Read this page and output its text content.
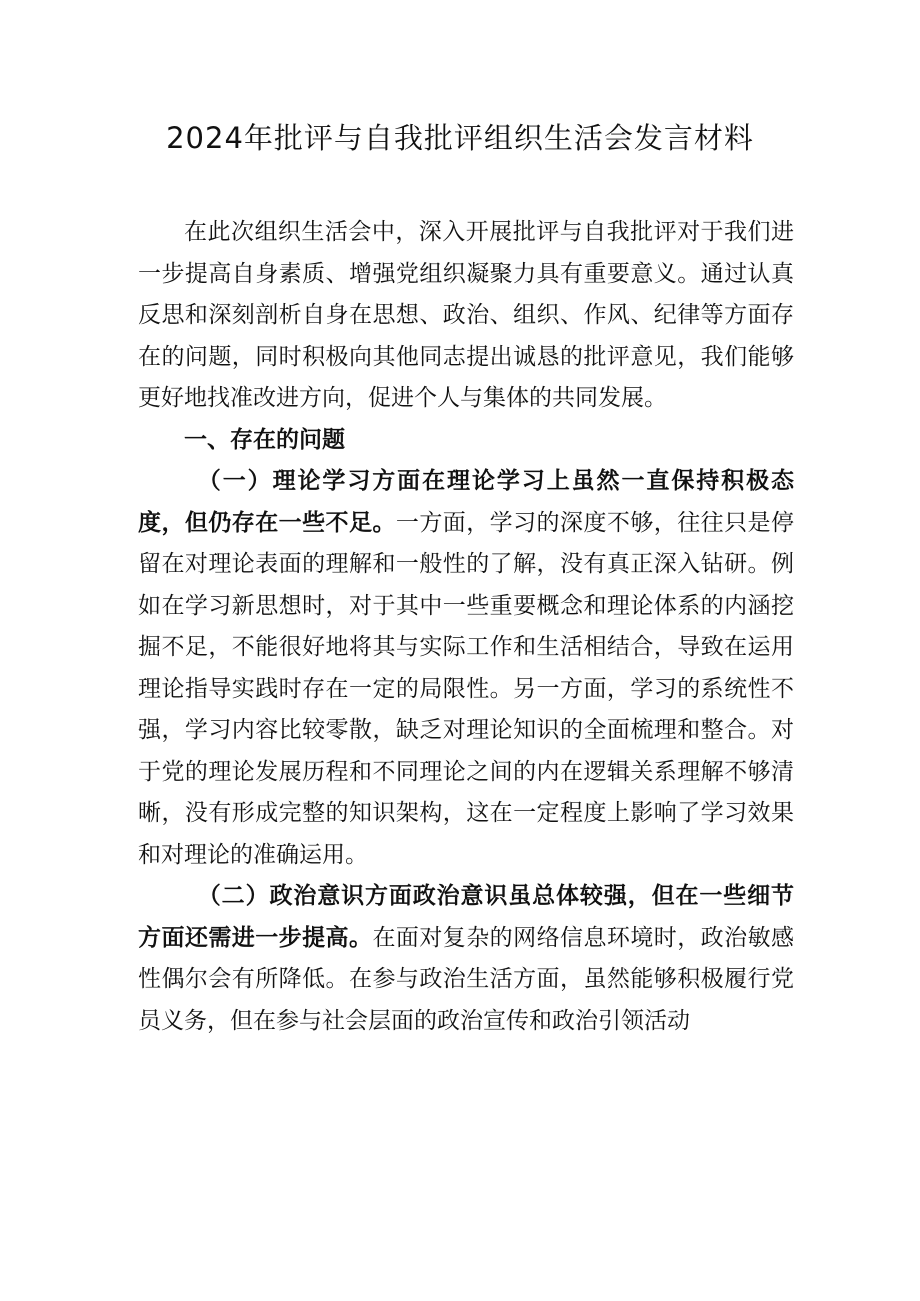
2024年批评与自我批评组织生活会发言材料

在此次组织生活会中，深入开展批评与自我批评对于我们进一步提高自身素质、增强党组织凝聚力具有重要意义。通过认真反思和深刻剖析自身在思想、政治、组织、作风、纪律等方面存在的问题，同时积极向其他同志提出诚恳的批评意见，我们能够更好地找准改进方向，促进个人与集体的共同发展。

一、存在的问题

（一）理论学习方面在理论学习上虽然一直保持积极态度，但仍存在一些不足。一方面，学习的深度不够，往往只是停留在对理论表面的理解和一般性的了解，没有真正深入钻研。例如在学习新思想时，对于其中一些重要概念和理论体系的内涵挖掘不足，不能很好地将其与实际工作和生活相结合，导致在运用理论指导实践时存在一定的局限性。另一方面，学习的系统性不强，学习内容比较零散，缺乏对理论知识的全面梳理和整合。对于党的理论发展历程和不同理论之间的内在逻辑关系理解不够清晰，没有形成完整的知识架构，这在一定程度上影响了学习效果和对理论的准确运用。

（二）政治意识方面政治意识虽总体较强，但在一些细节方面还需进一步提高。在面对复杂的网络信息环境时，政治敏感性偶尔会有所降低。在参与政治生活方面，虽然能够积极履行党员义务，但在参与社会层面的政治宣传和政治引领活动
